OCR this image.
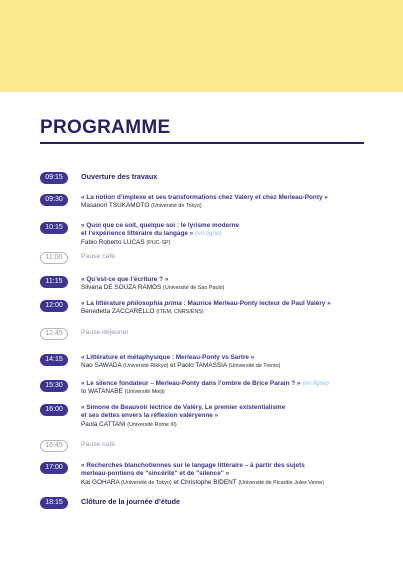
PROGRAMME
09:15	Ouverture des travaux
09:30	« La notion d’implexe et ses transformations chez Valéry et chez Merleau-Ponty »
Masanori TSUKAMOTO (Université de Tokyo)
10:15	« Quoi que ce soit, quelque soi : le lyrisme moderne
et l’expérience littéraire du langage » (en ligne)
Fabio Roberto LUCAS (PUC-SP)
11:00	Pause café
11:15	« Qu’est-ce que l’écriture ? »
Silvana DE SOUZA RAMOS (Université de Sao Paulo)
12:00	« La littérature philosophia prima : Maurice Merleau-Ponty lecteur de Paul Valéry »
Benedetta ZACCARELLO (ITEM, CNRS/ENS)
12:45	Pause déjeuner
14:15	« Littérature et métaphysique : Merleau-Ponty vs Sartre »
Nao SAWADA (Université Rikkyo) et Paolo TAMASSIA (Université de Trento)
15:30	« Le silence fondateur – Merleau-Ponty dans l’ombre de Brice Parain ? » (en ligne)
Io WATANABE (Université Meiji)
16:00	« Simone de Beauvoir lectrice de Valéry. Le premier existentialisme
et ses dettes envers la réflexion valéryenne »
Paola CATTANI (Université Rome III)
16:45	Pause café
17:00	« Recherches blanchotiennes sur le langage littéraire – à partir des sujets
merleau-pontiens de "sincérité" et de "silence" »
Kai GOHARA (Université de Tokyo) et Christophe BIDENT (Université de Picardie Jules Verne)
18:15	Clôture de la journée d’étude
